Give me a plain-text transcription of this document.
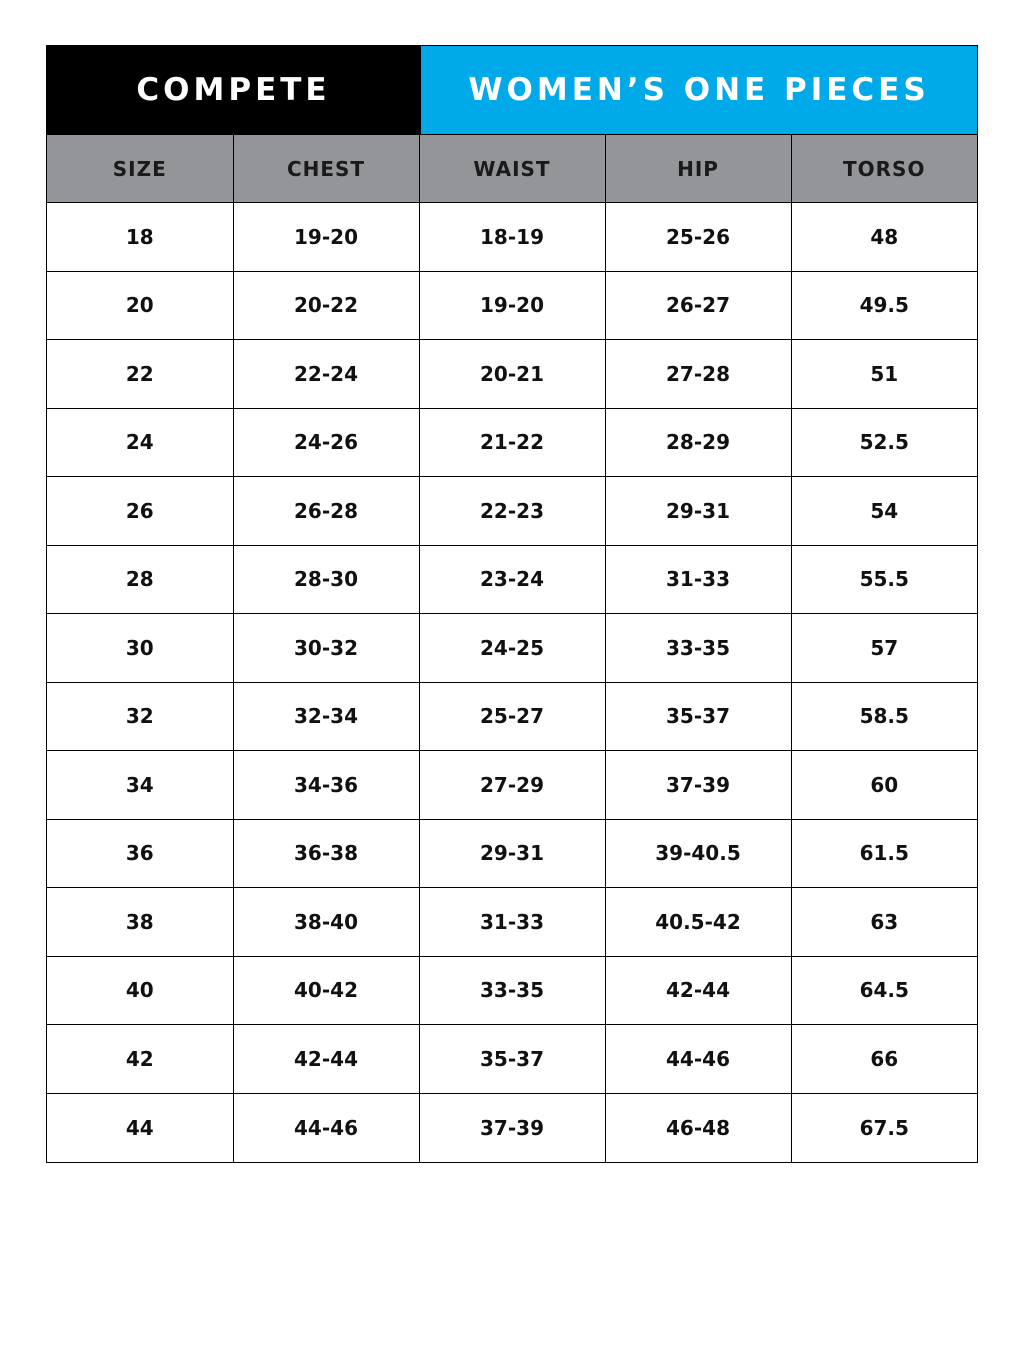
COMPETE	WOMEN’S ONE PIECES
SIZE	CHEST	WAIST	HIP	TORSO
18	19-20	18-19	25-26	48
20	20-22	19-20	26-27	49.5
22	22-24	20-21	27-28	51
24	24-26	21-22	28-29	52.5
26	26-28	22-23	29-31	54
28	28-30	23-24	31-33	55.5
30	30-32	24-25	33-35	57
32	32-34	25-27	35-37	58.5
34	34-36	27-29	37-39	60
36	36-38	29-31	39-40.5	61.5
38	38-40	31-33	40.5-42	63
40	40-42	33-35	42-44	64.5
42	42-44	35-37	44-46	66
44	44-46	37-39	46-48	67.5
